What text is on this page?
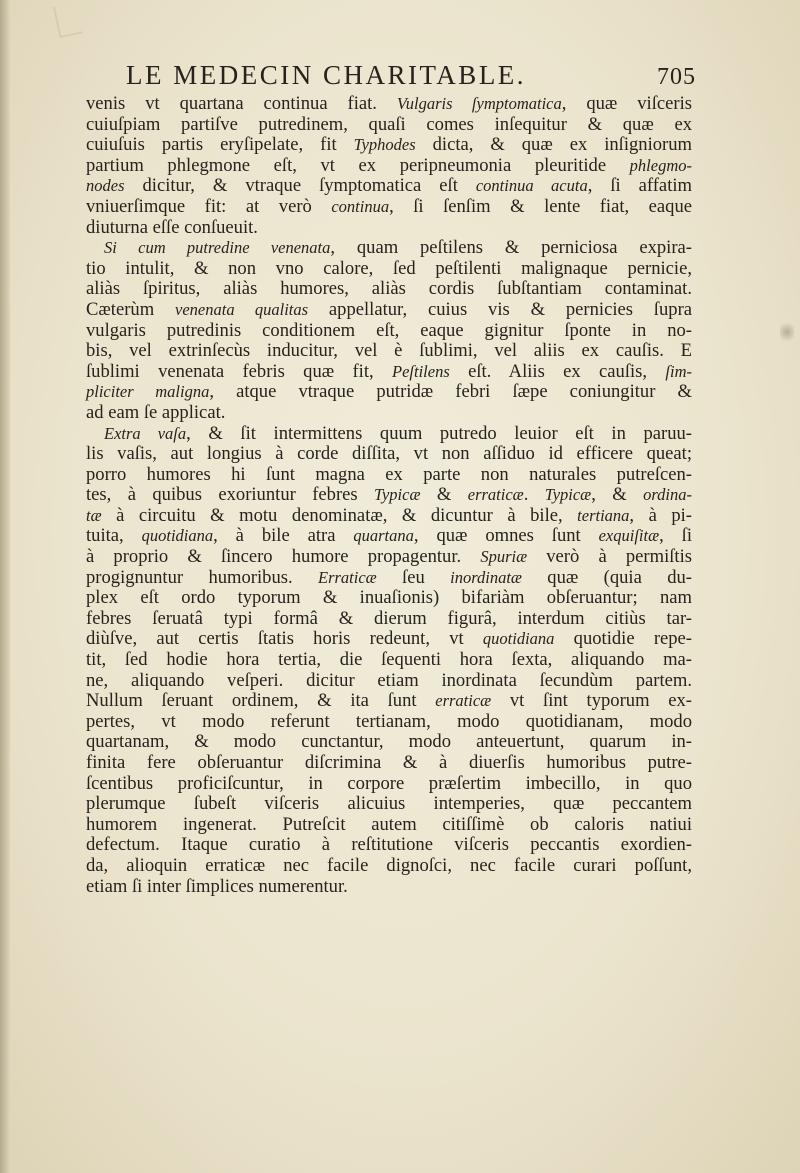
LE MEDECIN CHARITABLE.	705
venis vt quartana continua fiat. Vulgaris ſymptomatica, quæ viſceris
cuiuſpiam partiſve putredinem, quaſi comes inſequitur & quæ ex
cuiuſuis partis eryſipelate, fit Typhodes dicta, & quæ ex inſigniorum
partium phlegmone eſt, vt ex peripneumonia pleuritide phlegmo-
nodes dicitur, & vtraque ſymptomatica eſt continua acuta, ſi affatim
vniuerſimque fit: at verò continua, ſi ſenſim & lente fiat, eaque
diuturna eſſe conſueuit.
Si cum putredine venenata, quam peſtilens & perniciosa expira-
tio intulit, & non vno calore, ſed peſtilenti malignaque pernicie,
aliàs ſpiritus, aliàs humores, aliàs cordis ſubſtantiam contaminat.
Cæterùm venenata qualitas appellatur, cuius vis & pernicies ſupra
vulgaris putredinis conditionem eſt, eaque gignitur ſponte in no-
bis, vel extrinſecùs inducitur, vel è ſublimi, vel aliis ex cauſis. E
ſublimi venenata febris quæ fit, Peſtilens eſt. Aliis ex cauſis, ſim-
pliciter maligna, atque vtraque putridæ febri ſæpe coniungitur &
ad eam ſe applicat.
Extra vaſa, & ſit intermittens quum putredo leuior eſt in paruu-
lis vaſis, aut longius à corde diſſita, vt non aſſiduo id efficere queat;
porro humores hi ſunt magna ex parte non naturales putreſcen-
tes, à quibus exoriuntur febres Typicæ & erraticæ. Typicæ, & ordina-
tæ à circuitu & motu denominatæ, & dicuntur à bile, tertiana, à pi-
tuita, quotidiana, à bile atra quartana, quæ omnes ſunt exquiſitæ, ſi
à proprio & ſincero humore propagentur. Spuriæ verò à permiſtis
progignuntur humoribus. Erraticæ ſeu inordinatæ quæ (quia du-
plex eſt ordo typorum & inuaſionis) bifariàm obſeruantur; nam
febres ſeruatâ typi formâ & dierum figurâ, interdum citiùs tar-
diùſve, aut certis ſtatis horis redeunt, vt quotidiana quotidie repe-
tit, ſed hodie hora tertia, die ſequenti hora ſexta, aliquando ma-
ne, aliquando veſperi. dicitur etiam inordinata ſecundùm partem.
Nullum ſeruant ordinem, & ita ſunt erraticæ vt ſint typorum ex-
pertes, vt modo referunt tertianam, modo quotidianam, modo
quartanam, & modo cunctantur, modo anteuertunt, quarum in-
finita fere obſeruantur diſcrimina & à diuerſis humoribus putre-
ſcentibus proficiſcuntur, in corpore præſertim imbecillo, in quo
plerumque ſubeſt viſceris alicuius intemperies, quæ peccantem
humorem ingenerat. Putreſcit autem citiſſimè ob caloris natiui
defectum. Itaque curatio à reſtitutione viſceris peccantis exordien-
da, alioquin erraticæ nec facile dignoſci, nec facile curari poſſunt,
etiam ſi inter ſimplices numerentur.
